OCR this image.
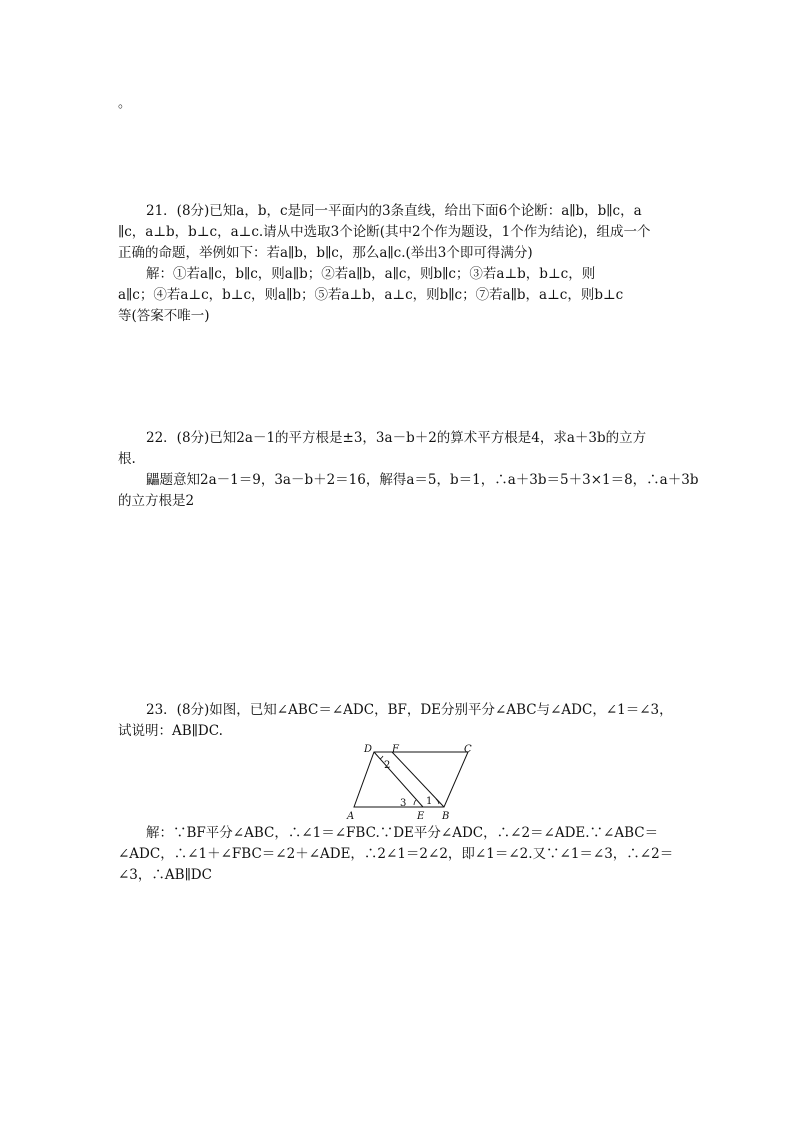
。
21．(8分)已知a，b，c是同一平面内的3条直线，给出下面6个论断：a∥b，b∥c，a
∥c，a⊥b，b⊥c，a⊥c.请从中选取3个论断(其中2个作为题设，1个作为结论)，组成一个
正确的命题，举例如下：若a∥b，b∥c，那么a∥c.(举出3个即可得满分)
解：①若a∥c，b∥c，则a∥b；②若a∥b，a∥c，则b∥c；③若a⊥b，b⊥c，则
a∥c；④若a⊥c，b⊥c，则a∥b；⑤若a⊥b，a⊥c，则b∥c；⑦若a∥b，a⊥c，则b⊥c
等(答案不唯一)
22．(8分)已知2a－1的平方根是±3，3a－b＋2的算术平方根是4，求a＋3b的立方
根.
鼺题意知2a－1＝9，3a－b＋2＝16，解得a＝5，b＝1，∴a＋3b＝5＋3×1＝8，∴a＋3b
的立方根是2
23．(8分)如图，已知∠ABC＝∠ADC，BF，DE分别平分∠ABC与∠ADC，∠1＝∠3，
试说明：AB∥DC.
D F	C
A	E B
2
3 1
解：∵BF平分∠ABC，∴∠1＝∠FBC.∵DE平分∠ADC，∴∠2＝∠ADE.∵∠ABC＝
∠ADC，∴∠1＋∠FBC＝∠2＋∠ADE，∴2∠1＝2∠2，即∠1＝∠2.又∵∠1＝∠3，∴∠2＝
∠3，∴AB∥DC
